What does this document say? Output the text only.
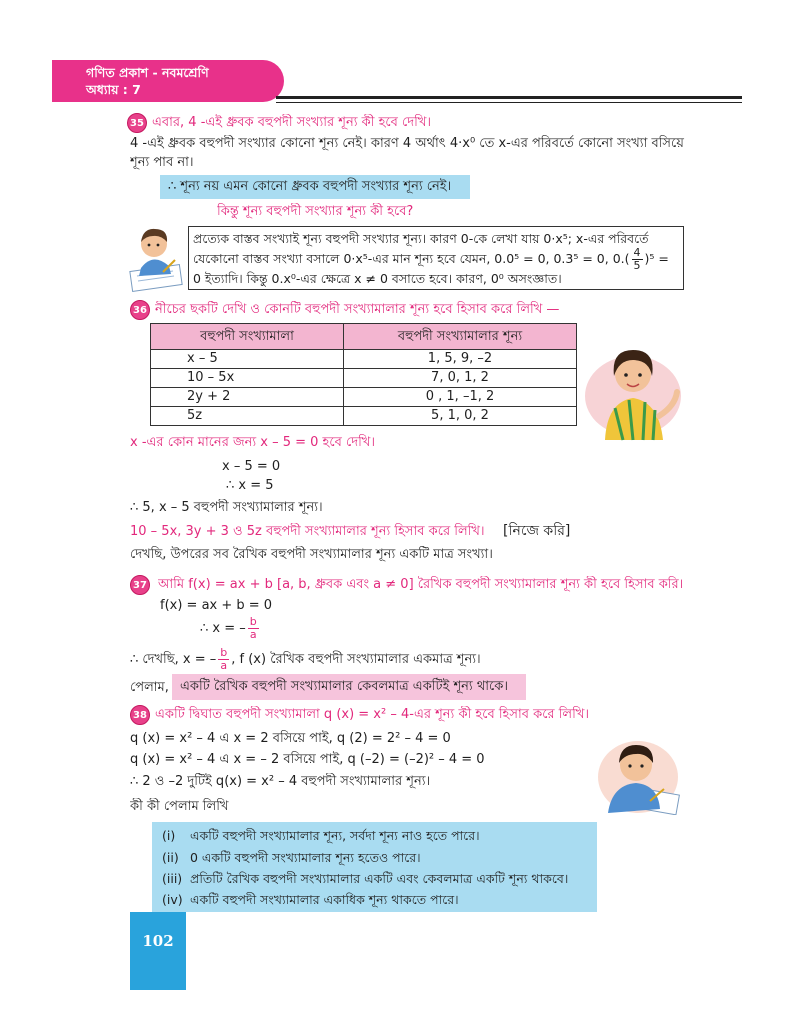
গণিত প্রকাশ - নবমশ্রেণি
অধ্যায় : 7
35 এবার, 4 -এই ধ্রুবক বহুপদী সংখ্যার শূন্য কী হবে দেখি।
4 -এই ধ্রুবক বহুপদী সংখ্যার কোনো শূন্য নেই। কারণ 4 অর্থাৎ 4·x⁰ তে x-এর পরিবর্তে কোনো সংখ্যা বসিয়ে
শূন্য পাব না।
∴ শূন্য নয় এমন কোনো ধ্রুবক বহুপদী সংখ্যার শূন্য নেই।
কিন্তু শূন্য বহুপদী সংখ্যার শূন্য কী হবে?
প্রত্যেক বাস্তব সংখ্যাই শূন্য বহুপদী সংখ্যার শূন্য। কারণ 0-কে লেখা যায় 0·x⁵; x-এর পরিবর্তে
যেকোনো বাস্তব সংখ্যা বসালে 0·x⁵-এর মান শূন্য হবে যেমন, 0.0⁵ = 0, 0.3⁵ = 0, $0.( \frac{4}{5} )^5$ =
0 ইত্যাদি। কিন্তু 0.x⁰-এর ক্ষেত্রে x ≠ 0 বসাতে হবে। কারণ, 0⁰ অসংজ্ঞাত।
36 নীচের ছকটি দেখি ও কোনটি বহুপদী সংখ্যামালার শূন্য হবে হিসাব করে লিখি —
বহুপদী সংখ্যামালা	বহুপদী সংখ্যামালার শূন্য
x – 5	1, 5, 9, –2
10 – 5x	7, 0, 1, 2
2y + 2	0 , 1, –1, 2
5z	5, 1, 0, 2
x -এর কোন মানের জন্য x – 5 = 0 হবে দেখি।
x – 5 = 0
∴ x = 5
∴ 5, x – 5 বহুপদী সংখ্যামালার শূন্য।
10 – 5x, 3y + 3 ও 5z বহুপদী সংখ্যামালার শূন্য হিসাব করে লিখি।	[নিজে করি]
দেখছি, উপরের সব রৈখিক বহুপদী সংখ্যামালার শূন্য একটি মাত্র সংখ্যা।
37 আমি f(x) = ax + b [a, b, ধ্রুবক এবং a ≠ 0] রৈখিক বহুপদী সংখ্যামালার শূন্য কী হবে হিসাব করি।
f(x) = ax + b = 0
∴ x = – $\frac{b}{a}$
∴ দেখছি, x = – $\frac{b}{a}$ , f (x) রৈখিক বহুপদী সংখ্যামালার একমাত্র শূন্য।
পেলাম, একটি রৈখিক বহুপদী সংখ্যামালার কেবলমাত্র একটিই শূন্য থাকে।
38 একটি দ্বিঘাত বহুপদী সংখ্যামালা q (x) = x² – 4-এর শূন্য কী হবে হিসাব করে লিখি।
q (x) = x² – 4 এ x = 2 বসিয়ে পাই, q (2) = 2² – 4 = 0
q (x) = x² – 4 এ x = – 2 বসিয়ে পাই, q (–2) = (–2)² – 4 = 0
∴ 2 ও –2 দুটিই q(x) = x² – 4 বহুপদী সংখ্যামালার শূন্য।
কী কী পেলাম লিখি
(i) একটি বহুপদী সংখ্যামালার শূন্য, সর্বদা শূন্য নাও হতে পারে।
(ii) 0 একটি বহুপদী সংখ্যামালার শূন্য হতেও পারে।
(iii) প্রতিটি রৈখিক বহুপদী সংখ্যামালার একটি এবং কেবলমাত্র একটি শূন্য থাকবে।
(iv) একটি বহুপদী সংখ্যামালার একাধিক শূন্য থাকতে পারে।
102
